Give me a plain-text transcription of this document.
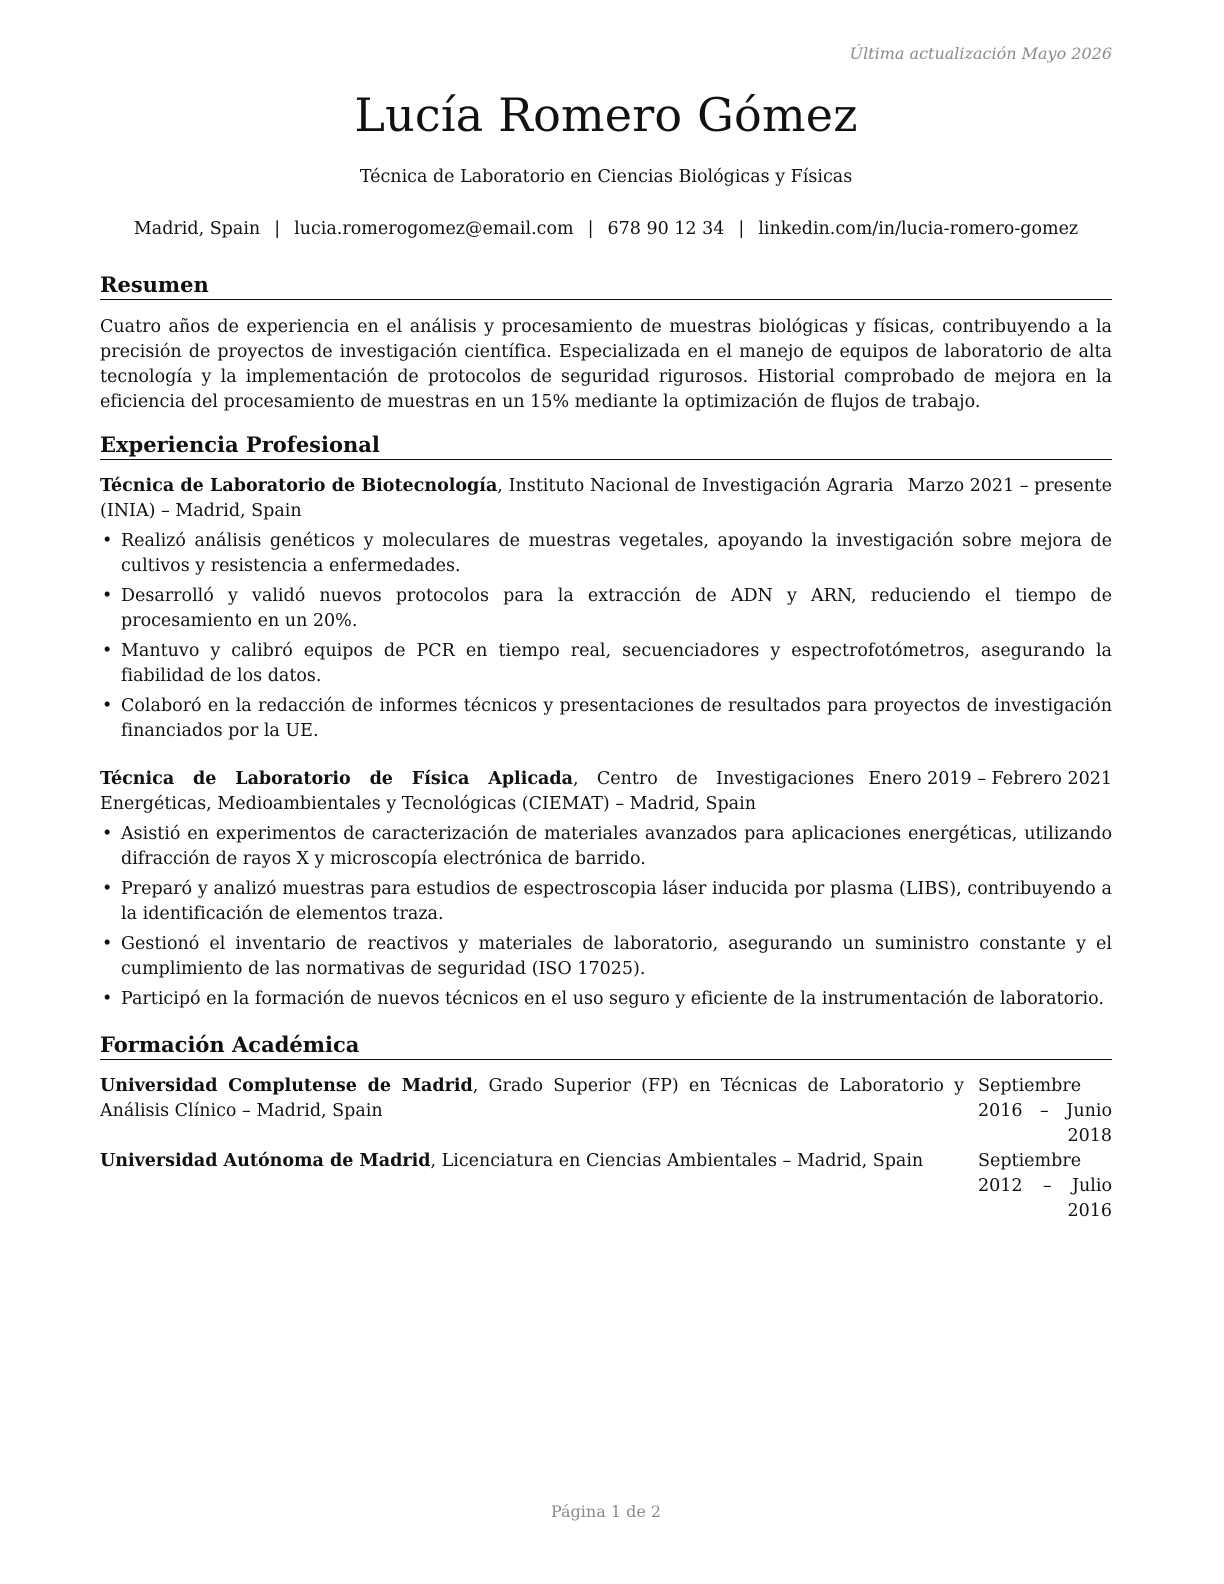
Última actualización Mayo 2026
Lucía Romero Gómez
Técnica de Laboratorio en Ciencias Biológicas y Físicas
Madrid, Spain | lucia.romerogomez@email.com | 678 90 12 34 | linkedin.com/in/lucia-romero-gomez
Resumen
Cuatro años de experiencia en el análisis y procesamiento de muestras biológicas y físicas, contribuyendo a la precisión de proyectos de investigación científica. Especializada en el manejo de equipos de laboratorio de alta tecnología y la implementación de protocolos de seguridad rigurosos. Historial comprobado de mejora en la eficiencia del procesamiento de muestras en un 15% mediante la optimización de flujos de trabajo.
Experiencia Profesional
Técnica de Laboratorio de Biotecnología, Instituto Nacional de Investigación Agraria (INIA) – Madrid, Spain
Marzo 2021 – presente
• Realizó análisis genéticos y moleculares de muestras vegetales, apoyando la investigación sobre mejora de cultivos y resistencia a enfermedades.
• Desarrolló y validó nuevos protocolos para la extracción de ADN y ARN, reduciendo el tiempo de procesamiento en un 20%.
• Mantuvo y calibró equipos de PCR en tiempo real, secuenciadores y espectrofotómetros, asegurando la fiabilidad de los datos.
• Colaboró en la redacción de informes técnicos y presentaciones de resultados para proyectos de investigación financiados por la UE.
Técnica de Laboratorio de Física Aplicada, Centro de Investigaciones Energéticas, Medioambientales y Tecnológicas (CIEMAT) – Madrid, Spain
Enero 2019 – Febrero 2021
• Asistió en experimentos de caracterización de materiales avanzados para aplicaciones energéticas, utilizando difracción de rayos X y microscopía electrónica de barrido.
• Preparó y analizó muestras para estudios de espectroscopia láser inducida por plasma (LIBS), contribuyendo a la identificación de elementos traza.
• Gestionó el inventario de reactivos y materiales de laboratorio, asegurando un suministro constante y el cumplimiento de las normativas de seguridad (ISO 17025).
• Participó en la formación de nuevos técnicos en el uso seguro y eficiente de la instrumentación de laboratorio.
Formación Académica
Universidad Complutense de Madrid, Grado Superior (FP) en Técnicas de Laboratorio y Análisis Clínico – Madrid, Spain
Septiembre 2016 – Junio 2018
Universidad Autónoma de Madrid, Licenciatura en Ciencias Ambientales – Madrid, Spain	Septiembre 2012 – Julio 2016
Página 1 de 2
